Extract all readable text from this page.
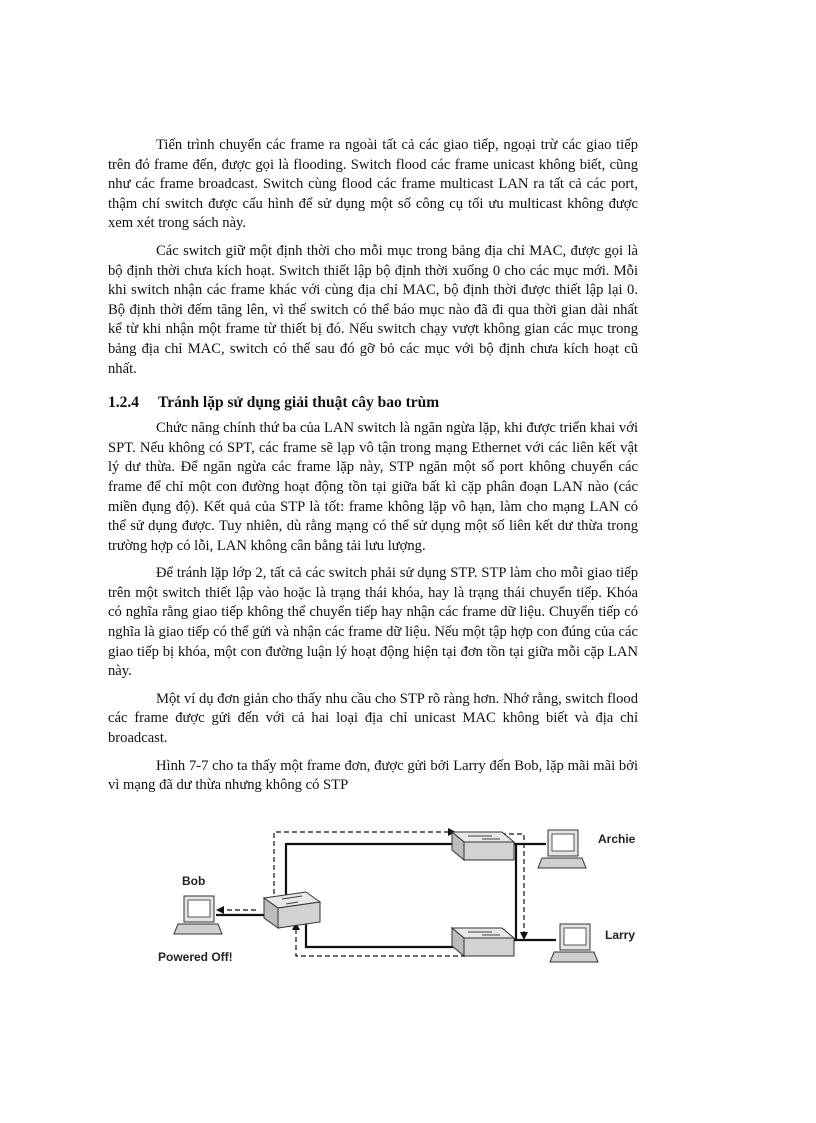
Tiến trình chuyển các frame ra ngoài tất cả các giao tiếp, ngoại trừ các giao tiếp trên đó frame đến, được gọi là flooding. Switch flood các frame unicast không biết, cũng như các frame broadcast. Switch cùng flood các frame multicast LAN ra tất cả các port, thậm chí switch được cấu hình để sử dụng một số công cụ tối ưu multicast không được xem xét trong sách này.

Các switch giữ một định thời cho mỗi mục trong bảng địa chỉ MAC, được gọi là bộ định thời chưa kích hoạt. Switch thiết lập bộ định thời xuống 0 cho các mục mới. Mỗi khi switch nhận các frame khác với cùng địa chỉ MAC, bộ định thời được thiết lập lại 0. Bộ định thời đếm tăng lên, vì thế switch có thể báo mục nào đã đi qua thời gian dài nhất kể từ khi nhận một frame từ thiết bị đó. Nếu switch chạy vượt không gian các mục trong bảng địa chỉ MAC, switch có thể sau đó gỡ bỏ các mục với bộ định chưa kích hoạt cũ nhất.

1.2.4 Tránh lặp sử dụng giải thuật cây bao trùm

Chức năng chính thứ ba của LAN switch là ngăn ngừa lặp, khi được triển khai với SPT. Nếu không có SPT, các frame sẽ lạp vô tận trong mạng Ethernet với các liên kết vật lý dư thừa. Để ngăn ngừa các frame lặp này, STP ngăn một số port không chuyển các frame để chỉ một con đường hoạt động tồn tại giữa bất kì cặp phân đoạn LAN nào (các miền đụng độ). Kết quả của STP là tốt: frame không lặp vô hạn, làm cho mạng LAN có thể sử dụng được. Tuy nhiên, dù rằng mạng có thể sử dụng một số liên kết dư thừa trong trường hợp có lỗi, LAN không cân bằng tải lưu lượng.

Để tránh lặp lớp 2, tất cả các switch phải sử dụng STP. STP làm cho mỗi giao tiếp trên một switch thiết lập vào hoặc là trạng thái khóa, hay là trạng thái chuyển tiếp. Khóa có nghĩa rằng giao tiếp không thể chuyển tiếp hay nhận các frame dữ liệu. Chuyển tiếp có nghĩa là giao tiếp có thể gửi và nhận các frame dữ liệu. Nếu một tập hợp con đúng của các giao tiếp bị khóa, một con đường luận lý hoạt động hiện tại đơn tồn tại giữa mỗi cặp LAN này.

Một ví dụ đơn giản cho thấy nhu cầu cho STP rõ ràng hơn. Nhớ rằng, switch flood các frame được gửi đến với cả hai loại địa chỉ unicast MAC không biết và địa chỉ broadcast.

Hình 7-7 cho ta thấy một frame đơn, được gửi bởi Larry đến Bob, lặp mãi mãi bởi vì mạng đã dư thừa nhưng không có STP

Bob
Powered Off!
Archie
Larry
